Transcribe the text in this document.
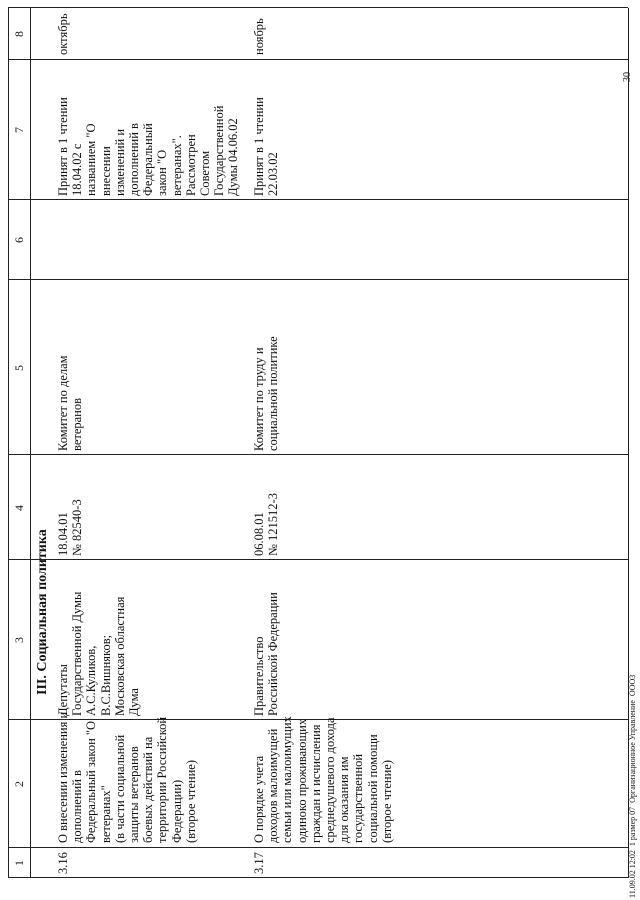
1
2
3
4
5
6
7
8
III. Социальная политика
3.16
О внесении изменения и
дополнений в
Федеральный закон "О
ветеранах"
(в части социальной
защиты ветеранов
боевых действий на
территории Российской
Федерации)
(второе чтение)
Депутаты
Государственной Думы
А.С.Куликов,
В.С.Вишняков;
Московская областная
Дума
18.04.01
№ 82540-3
Комитет по делам
ветеранов
Принят в 1 чтении
18.04.02 с
названием "О
внесении
изменений и
дополнений в
Федеральный
закон "О
ветеранах".
Рассмотрен
Советом
Государственной
Думы 04.06.02
октябрь
3.17
О порядке учета
доходов малоимущей
семьи или малоимущих
одиноко проживающих
граждан и исчисления
среднедушевого дохода
для оказания им
государственной
социальной помощи
(второе чтение)
Правительство
Российской Федерации
06.08.01
№ 121512-3
Комитет по труду и
социальной политике
Принят в 1 чтении
22.03.02
ноябрь
11.09.02 12:02  1 размер 07  Организационное Управление  ООО3
30
